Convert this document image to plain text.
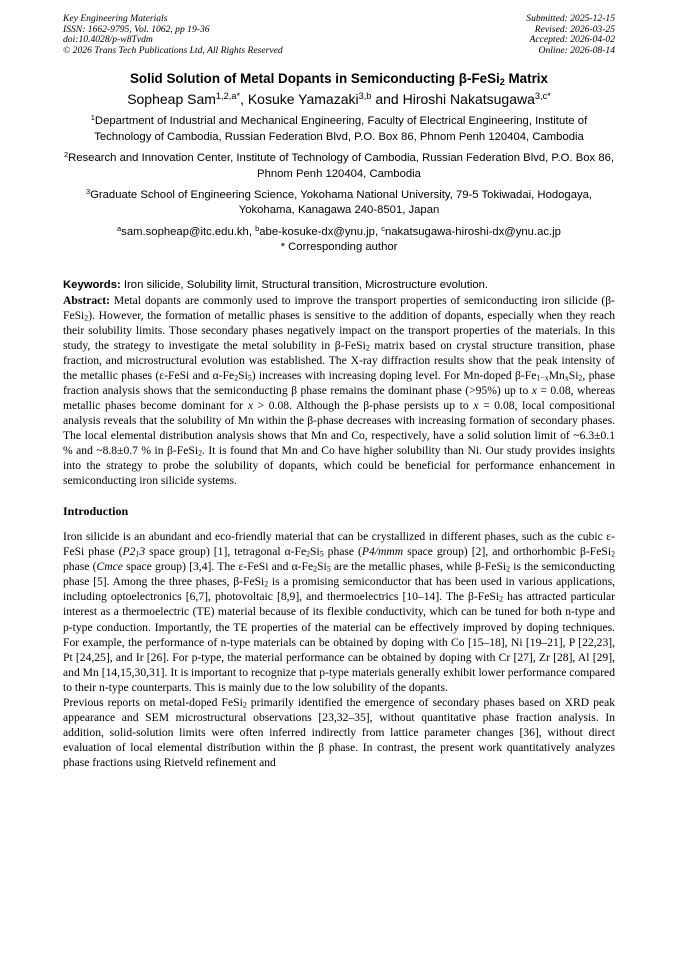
Key Engineering Materials
ISSN: 1662-9795, Vol. 1062, pp 19-36
doi:10.4028/p-w8Tvdm
© 2026 Trans Tech Publications Ltd, All Rights Reserved
Submitted: 2025-12-15
Revised: 2026-03-25
Accepted: 2026-04-02
Online: 2026-08-14
Solid Solution of Metal Dopants in Semiconducting β-FeSi$_2$ Matrix
Sopheap Sam$^{1,2,a*}$, Kosuke Yamazaki$^{3,b}$ and Hiroshi Nakatsugawa$^{3,c*}$
$^1$Department of Industrial and Mechanical Engineering, Faculty of Electrical Engineering, Institute of Technology of Cambodia, Russian Federation Blvd, P.O. Box 86, Phnom Penh 120404, Cambodia
$^2$Research and Innovation Center, Institute of Technology of Cambodia, Russian Federation Blvd, P.O. Box 86, Phnom Penh 120404, Cambodia
$^3$Graduate School of Engineering Science, Yokohama National University, 79-5 Tokiwadai, Hodogaya, Yokohama, Kanagawa 240-8501, Japan
$^a$sam.sopheap@itc.edu.kh, $^b$abe-kosuke-dx@ynu.jp, $^c$nakatsugawa-hiroshi-dx@ynu.ac.jp
* Corresponding author
Keywords: Iron silicide, Solubility limit, Structural transition, Microstructure evolution.

Abstract: Metal dopants are commonly used to improve the transport properties of semiconducting iron silicide (β-FeSi$_2$). However, the formation of metallic phases is sensitive to the addition of dopants, especially when they reach their solubility limits. Those secondary phases negatively impact on the transport properties of the materials. In this study, the strategy to investigate the metal solubility in β-FeSi$_2$ matrix based on crystal structure transition, phase fraction, and microstructural evolution was established. The X-ray diffraction results show that the peak intensity of the metallic phases (ε-FeSi and $\alpha-Fe_2Si_5$) increases with increasing doping level. For Mn-doped $\beta-Fe_{1-x}Mn_xSi_2$, phase fraction analysis shows that the semiconducting β phase remains the dominant phase (>95%) up to x = 0.08, whereas metallic phases become dominant for x > 0.08. Although the β-phase persists up to x = 0.08, local compositional analysis reveals that the solubility of Mn within the β-phase decreases with increasing formation of secondary phases. The local elemental distribution analysis shows that Mn and Co, respectively, have a solid solution limit of ~6.3±0.1 % and ~8.8±0.7 % in β-FeSi$_2$. It is found that Mn and Co have higher solubility than Ni. Our study provides insights into the strategy to probe the solubility of dopants, which could be beneficial for performance enhancement in semiconducting iron silicide systems.

Introduction

Iron silicide is an abundant and eco-friendly material that can be crystallized in different phases, such as the cubic ε-FeSi phase ($P2_13$ space group) [1], tetragonal $\alpha-Fe_2Si_5$ phase (P4/mmm space group) [2], and orthorhombic β-FeSi$_2$ phase (Cmce space group) [3,4]. The ε-FeSi and $\alpha-Fe_2Si_5$ are the metallic phases, while β-FeSi$_2$ is the semiconducting phase [5]. Among the three phases, β-FeSi$_2$ is a promising semiconductor that has been used in various applications, including optoelectronics [6,7], photovoltaic [8,9], and thermoelectrics [10–14]. The β-FeSi$_2$ has attracted particular interest as a thermoelectric (TE) material because of its flexible conductivity, which can be tuned for both n-type and p-type conduction. Importantly, the TE properties of the material can be effectively improved by doping techniques. For example, the performance of n-type materials can be obtained by doping with Co [15–18], Ni [19–21], P [22,23], Pt [24,25], and Ir [26]. For p-type, the material performance can be obtained by doping with Cr [27], Zr [28], Al [29], and Mn [14,15,30,31]. It is important to recognize that p-type materials generally exhibit lower performance compared to their n-type counterparts. This is mainly due to the low solubility of the dopants.

Previous reports on metal-doped FeSi$_2$ primarily identified the emergence of secondary phases based on XRD peak appearance and SEM microstructural observations [23,32–35], without quantitative phase fraction analysis. In addition, solid-solution limits were often inferred indirectly from lattice parameter changes [36], without direct evaluation of local elemental distribution within the β phase. In contrast, the present work quantitatively analyzes phase fractions using Rietveld refinement and
